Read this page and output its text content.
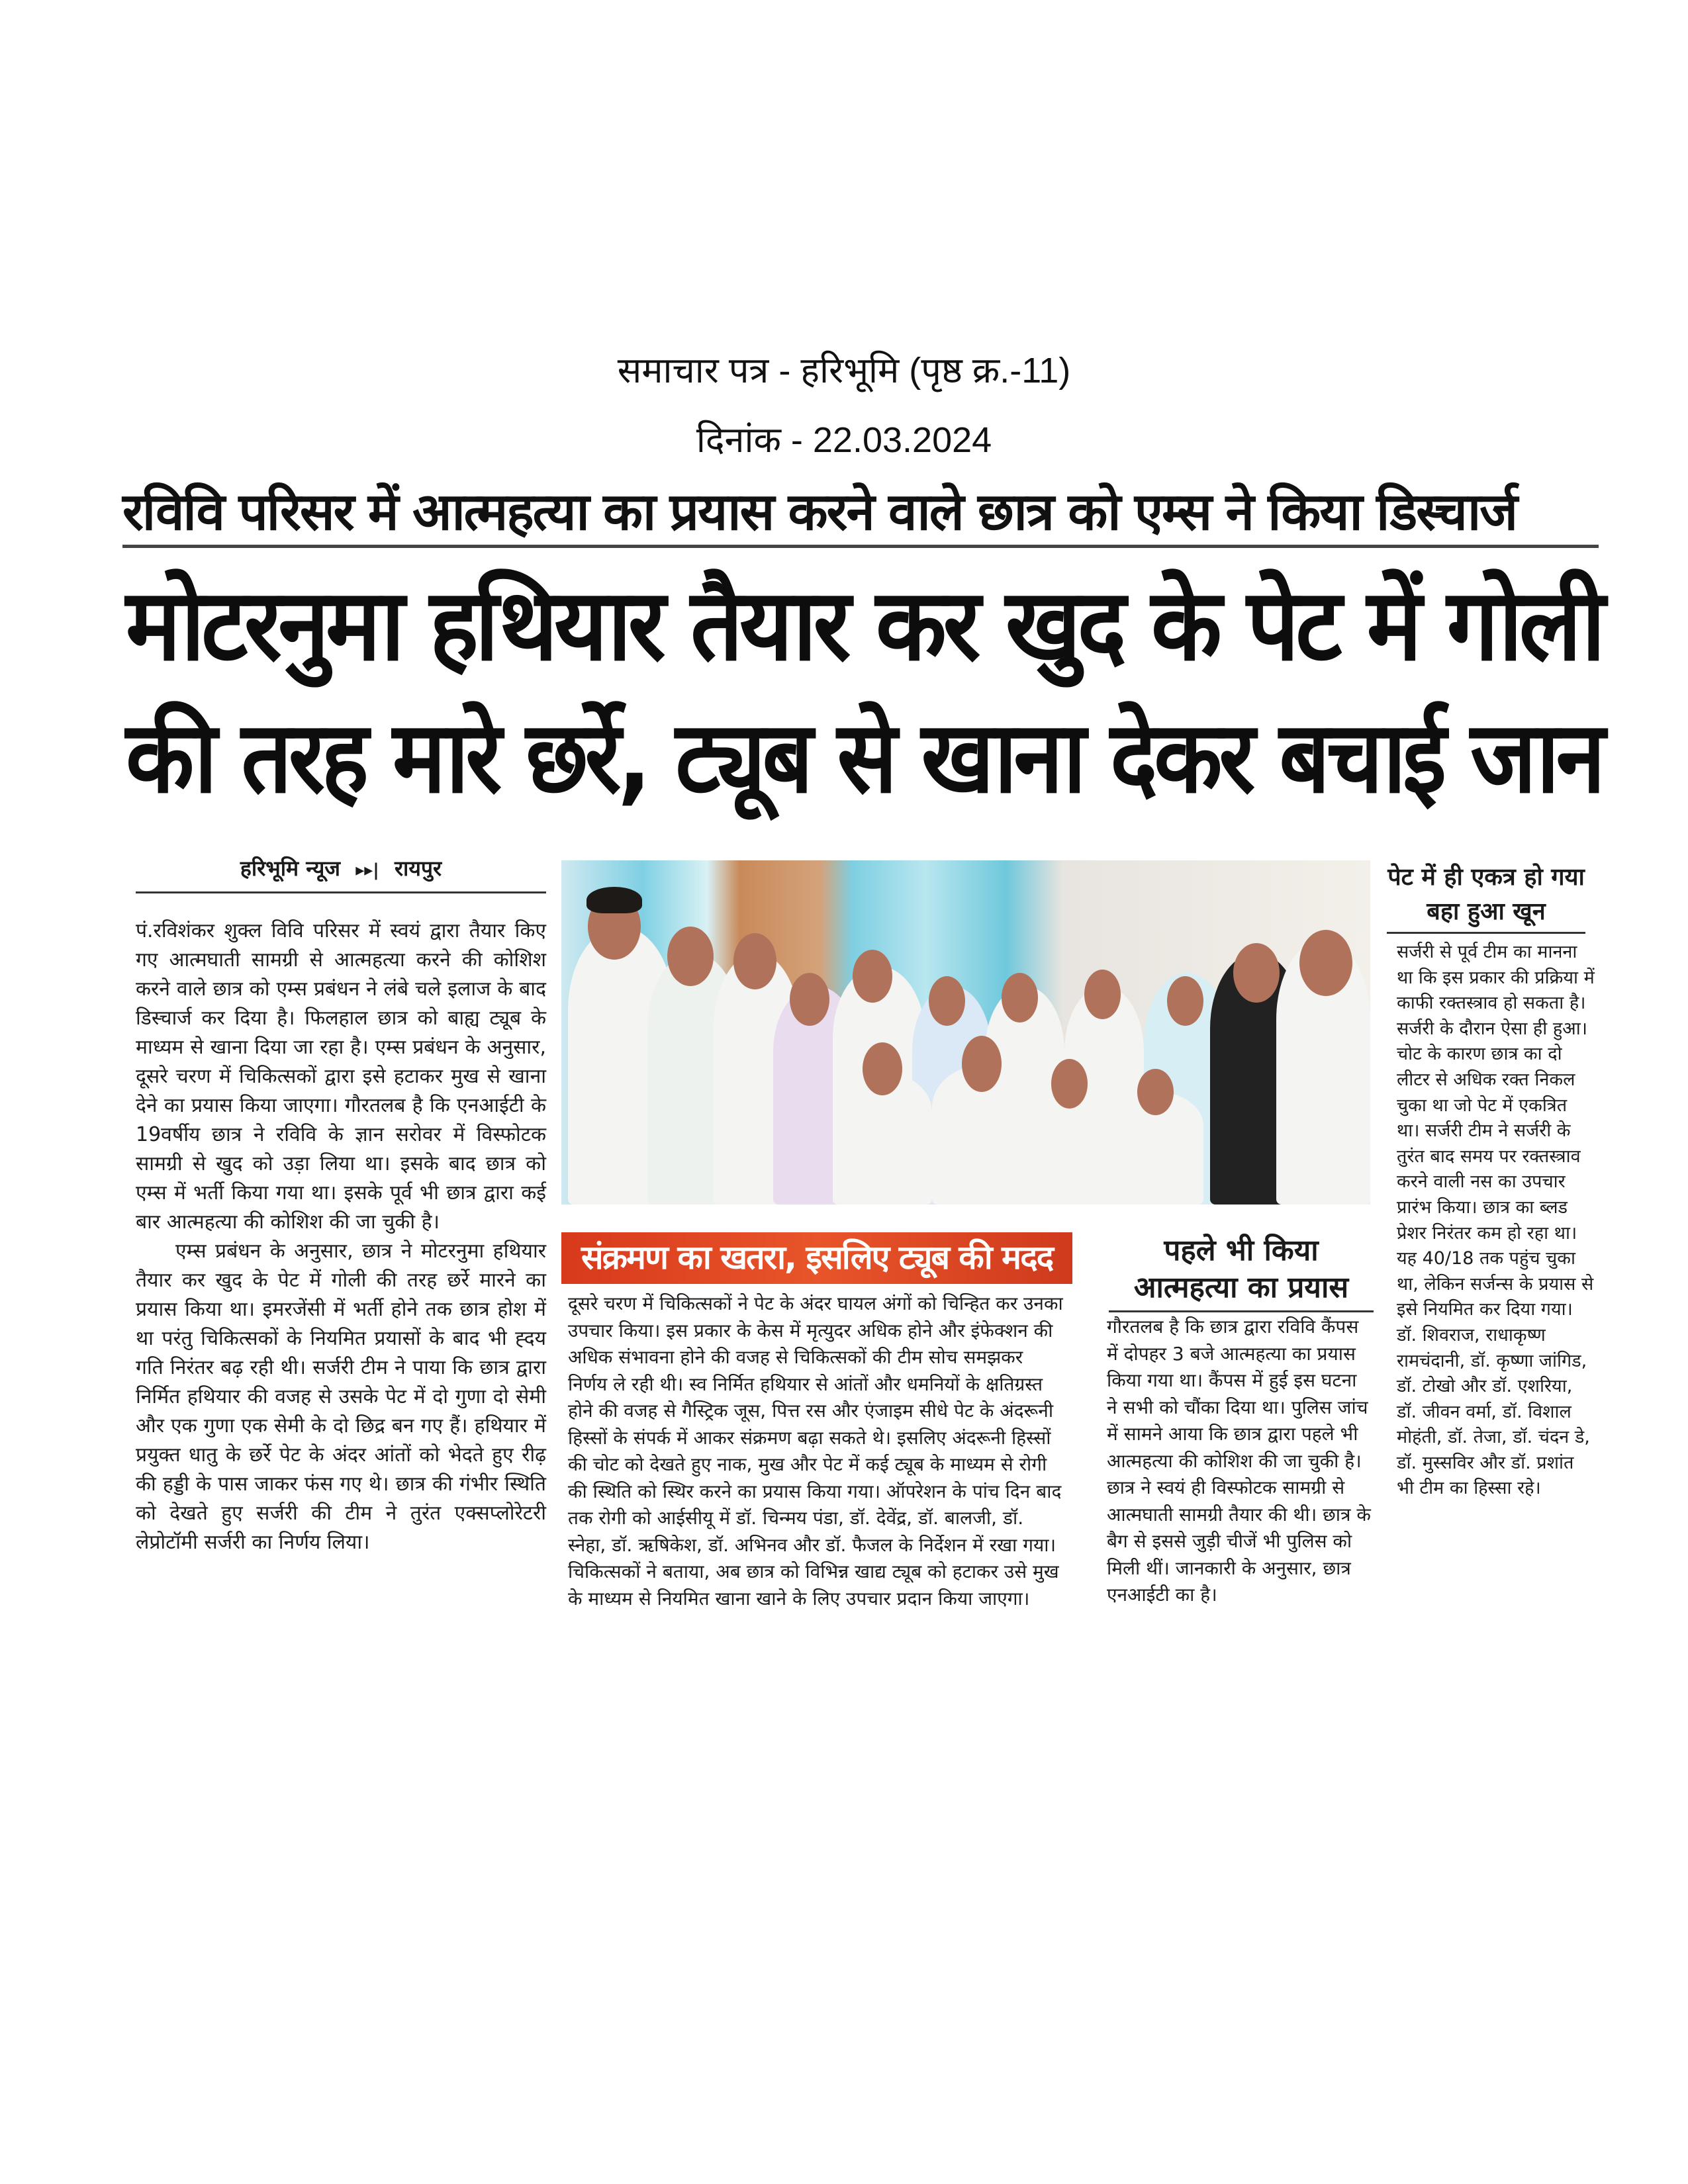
समाचार पत्र - हरिभूमि (पृष्ठ क्र.-11)
दिनांक - 22.03.2024
रविवि परिसर में आत्महत्या का प्रयास करने वाले छात्र को एम्स ने किया डिस्चार्ज
मोटरनुमा हथियार तैयार कर खुद के पेट में गोली
की तरह मारे छर्रे, ट्यूब से खाना देकर बचाई जान
हरिभूमि न्यूज ▸▸| रायपुर

पं.रविशंकर शुक्ल विवि परिसर में स्वयं द्वारा तैयार किए गए आत्मघाती सामग्री से आत्महत्या करने की कोशिश करने वाले छात्र को एम्स प्रबंधन ने लंबे चले इलाज के बाद डिस्चार्ज कर दिया है। फिलहाल छात्र को बाह्य ट्यूब के माध्यम से खाना दिया जा रहा है। एम्स प्रबंधन के अनुसार, दूसरे चरण में चिकित्सकों द्वारा इसे हटाकर मुख से खाना देने का प्रयास किया जाएगा। गौरतलब है कि एनआईटी के 19वर्षीय छात्र ने रविवि के ज्ञान सरोवर में विस्फोटक सामग्री से खुद को उड़ा लिया था। इसके बाद छात्र को एम्स में भर्ती किया गया था। इसके पूर्व भी छात्र द्वारा कई बार आत्महत्या की कोशिश की जा चुकी है।

एम्स प्रबंधन के अनुसार, छात्र ने मोटरनुमा हथियार तैयार कर खुद के पेट में गोली की तरह छर्रे मारने का प्रयास किया था। इमरजेंसी में भर्ती होने तक छात्र होश में था परंतु चिकित्सकों के नियमित प्रयासों के बाद भी ह्दय गति निरंतर बढ़ रही थी। सर्जरी टीम ने पाया कि छात्र द्वारा निर्मित हथियार की वजह से उसके पेट में दो गुणा दो सेमी और एक गुणा एक सेमी के दो छिद्र बन गए हैं। हथियार में प्रयुक्त धातु के छर्रे पेट के अंदर आंतों को भेदते हुए रीढ़ की हड्डी के पास जाकर फंस गए थे। छात्र की गंभीर स्थिति को देखते हुए सर्जरी की टीम ने तुरंत एक्सप्लोरेटरी लेप्रोटॉमी सर्जरी का निर्णय लिया।

संक्रमण का खतरा, इसलिए ट्यूब की मदद
दूसरे चरण में चिकित्सकों ने पेट के अंदर घायल अंगों को चिन्हित कर उनका उपचार किया। इस प्रकार के केस में मृत्युदर अधिक होने और इंफेक्शन की अधिक संभावना होने की वजह से चिकित्सकों की टीम सोच समझकर निर्णय ले रही थी। स्व निर्मित हथियार से आंतों और धमनियों के क्षतिग्रस्त होने की वजह से गैस्ट्रिक जूस, पित्त रस और एंजाइम सीधे पेट के अंदरूनी हिस्सों के संपर्क में आकर संक्रमण बढ़ा सकते थे। इसलिए अंदरूनी हिस्सों की चोट को देखते हुए नाक, मुख और पेट में कई ट्यूब के माध्यम से रोगी की स्थिति को स्थिर करने का प्रयास किया गया। ऑपरेशन के पांच दिन बाद तक रोगी को आईसीयू में डॉ. चिन्मय पंडा, डॉ. देवेंद्र, डॉ. बालजी, डॉ. स्नेहा, डॉ. ऋषिकेश, डॉ. अभिनव और डॉ. फैजल के निर्देशन में रखा गया। चिकित्सकों ने बताया, अब छात्र को विभिन्न खाद्य ट्यूब को हटाकर उसे मुख के माध्यम से नियमित खाना खाने के लिए उपचार प्रदान किया जाएगा।
पहले भी किया आत्महत्या का प्रयास
गौरतलब है कि छात्र द्वारा रविवि कैंपस में दोपहर 3 बजे आत्महत्या का प्रयास किया गया था। कैंपस में हुई इस घटना ने सभी को चौंका दिया था। पुलिस जांच में सामने आया कि छात्र द्वारा पहले भी आत्महत्या की कोशिश की जा चुकी है। छात्र ने स्वयं ही विस्फोटक सामग्री से आत्मघाती सामग्री तैयार की थी। छात्र के बैग से इससे जुड़ी चीजें भी पुलिस को मिली थीं। जानकारी के अनुसार, छात्र एनआईटी का है।
पेट में ही एकत्र हो गया बहा हुआ खून
सर्जरी से पूर्व टीम का मानना था कि इस प्रकार की प्रक्रिया में काफी रक्तस्त्राव हो सकता है। सर्जरी के दौरान ऐसा ही हुआ। चोट के कारण छात्र का दो लीटर से अधिक रक्त निकल चुका था जो पेट में एकत्रित था। सर्जरी टीम ने सर्जरी के तुरंत बाद समय पर रक्तस्त्राव करने वाली नस का उपचार प्रारंभ किया। छात्र का ब्लड प्रेशर निरंतर कम हो रहा था। यह 40/18 तक पहुंच चुका था, लेकिन सर्जन्स के प्रयास से इसे नियमित कर दिया गया। डॉ. शिवराज, राधाकृष्ण रामचंदानी, डॉ. कृष्णा जांगिड, डॉ. टोखो और डॉ. एशरिया, डॉ. जीवन वर्मा, डॉ. विशाल मोहंती, डॉ. तेजा, डॉ. चंदन डे, डॉ. मुस्सविर और डॉ. प्रशांत भी टीम का हिस्सा रहे।
